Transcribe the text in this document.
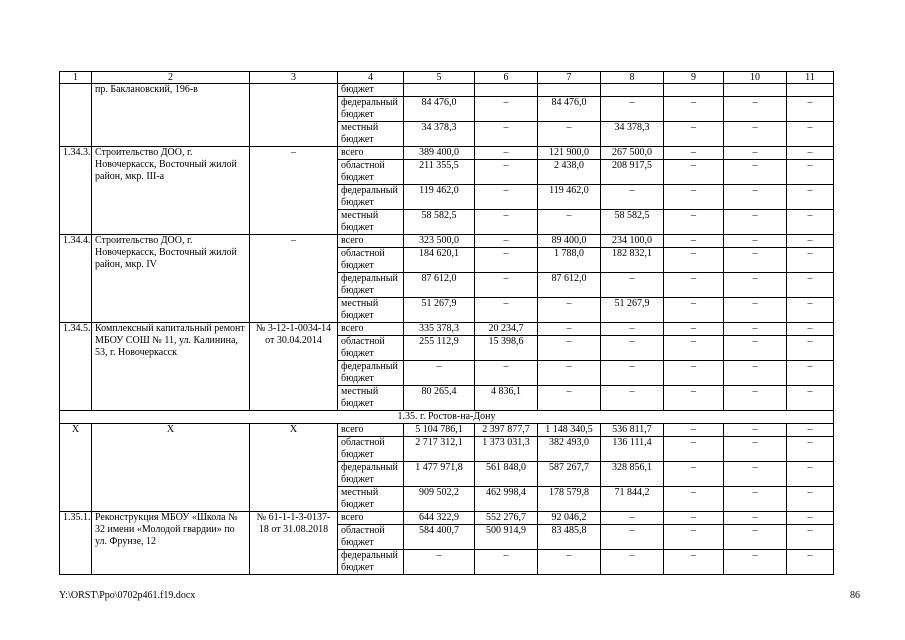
1	2	3	4	5	6	7	8	9	10	11
	пр. Баклановский, 196-в		бюджет							
			федеральный бюджет	84 476,0	–	84 476,0	–	–	–	–
			местный бюджет	34 378,3	–	–	34 378,3	–	–	–
1.34.3.	Строительство ДОО, г. Новочеркасск, Восточный жилой район, мкр. III-а	–	всего	389 400,0	–	121 900,0	267 500,0	–	–	–
			областной бюджет	211 355,5	–	2 438,0	208 917,5	–	–	–
			федеральный бюджет	119 462,0	–	119 462,0	–	–	–	–
			местный бюджет	58 582,5	–	–	58 582,5	–	–	–
1.34.4.	Строительство ДОО, г. Новочеркасск, Восточный жилой район, мкр. IV	–	всего	323 500,0	–	89 400,0	234 100,0	–	–	–
			областной бюджет	184 620,1	–	1 788,0	182 832,1	–	–	–
			федеральный бюджет	87 612,0	–	87 612,0	–	–	–	–
			местный бюджет	51 267,9	–	–	51 267,9	–	–	–
1.34.5.	Комплексный капитальный ремонт МБОУ СОШ № 11, ул. Калинина, 53, г. Новочеркасск	№ 3-12-1-0034-14 от 30.04.2014	всего	335 378,3	20 234,7	–	–	–	–	–
			областной бюджет	255 112,9	15 398,6	–	–	–	–	–
			федеральный бюджет	–	–	–	–	–	–	–
			местный бюджет	80 265,4	4 836,1	–	–	–	–	–
1.35. г. Ростов-на-Дону										
Х	Х	Х	всего	5 104 786,1	2 397 877,7	1 148 340,5	536 811,7	–	–	–
			областной бюджет	2 717 312,1	1 373 031,3	382 493,0	136 111,4	–	–	–
			федеральный бюджет	1 477 971,8	561 848,0	587 267,7	328 856,1	–	–	–
			местный бюджет	909 502,2	462 998,4	178 579,8	71 844,2	–	–	–
1.35.1.	Реконструкция МБОУ «Школа № 32 имени «Молодой гвардии» по ул. Фрунзе, 12	№ 61-1-1-3-0137-18 от 31.08.2018	всего	644 322,9	552 276,7	92 046,2	–	–	–	–
			областной бюджет	584 400,7	500 914,9	83 485,8	–	–	–	–
			федеральный бюджет	–	–	–	–	–	–	–
Y:\ORST\Ppo\0702p461.f19.docx	86
